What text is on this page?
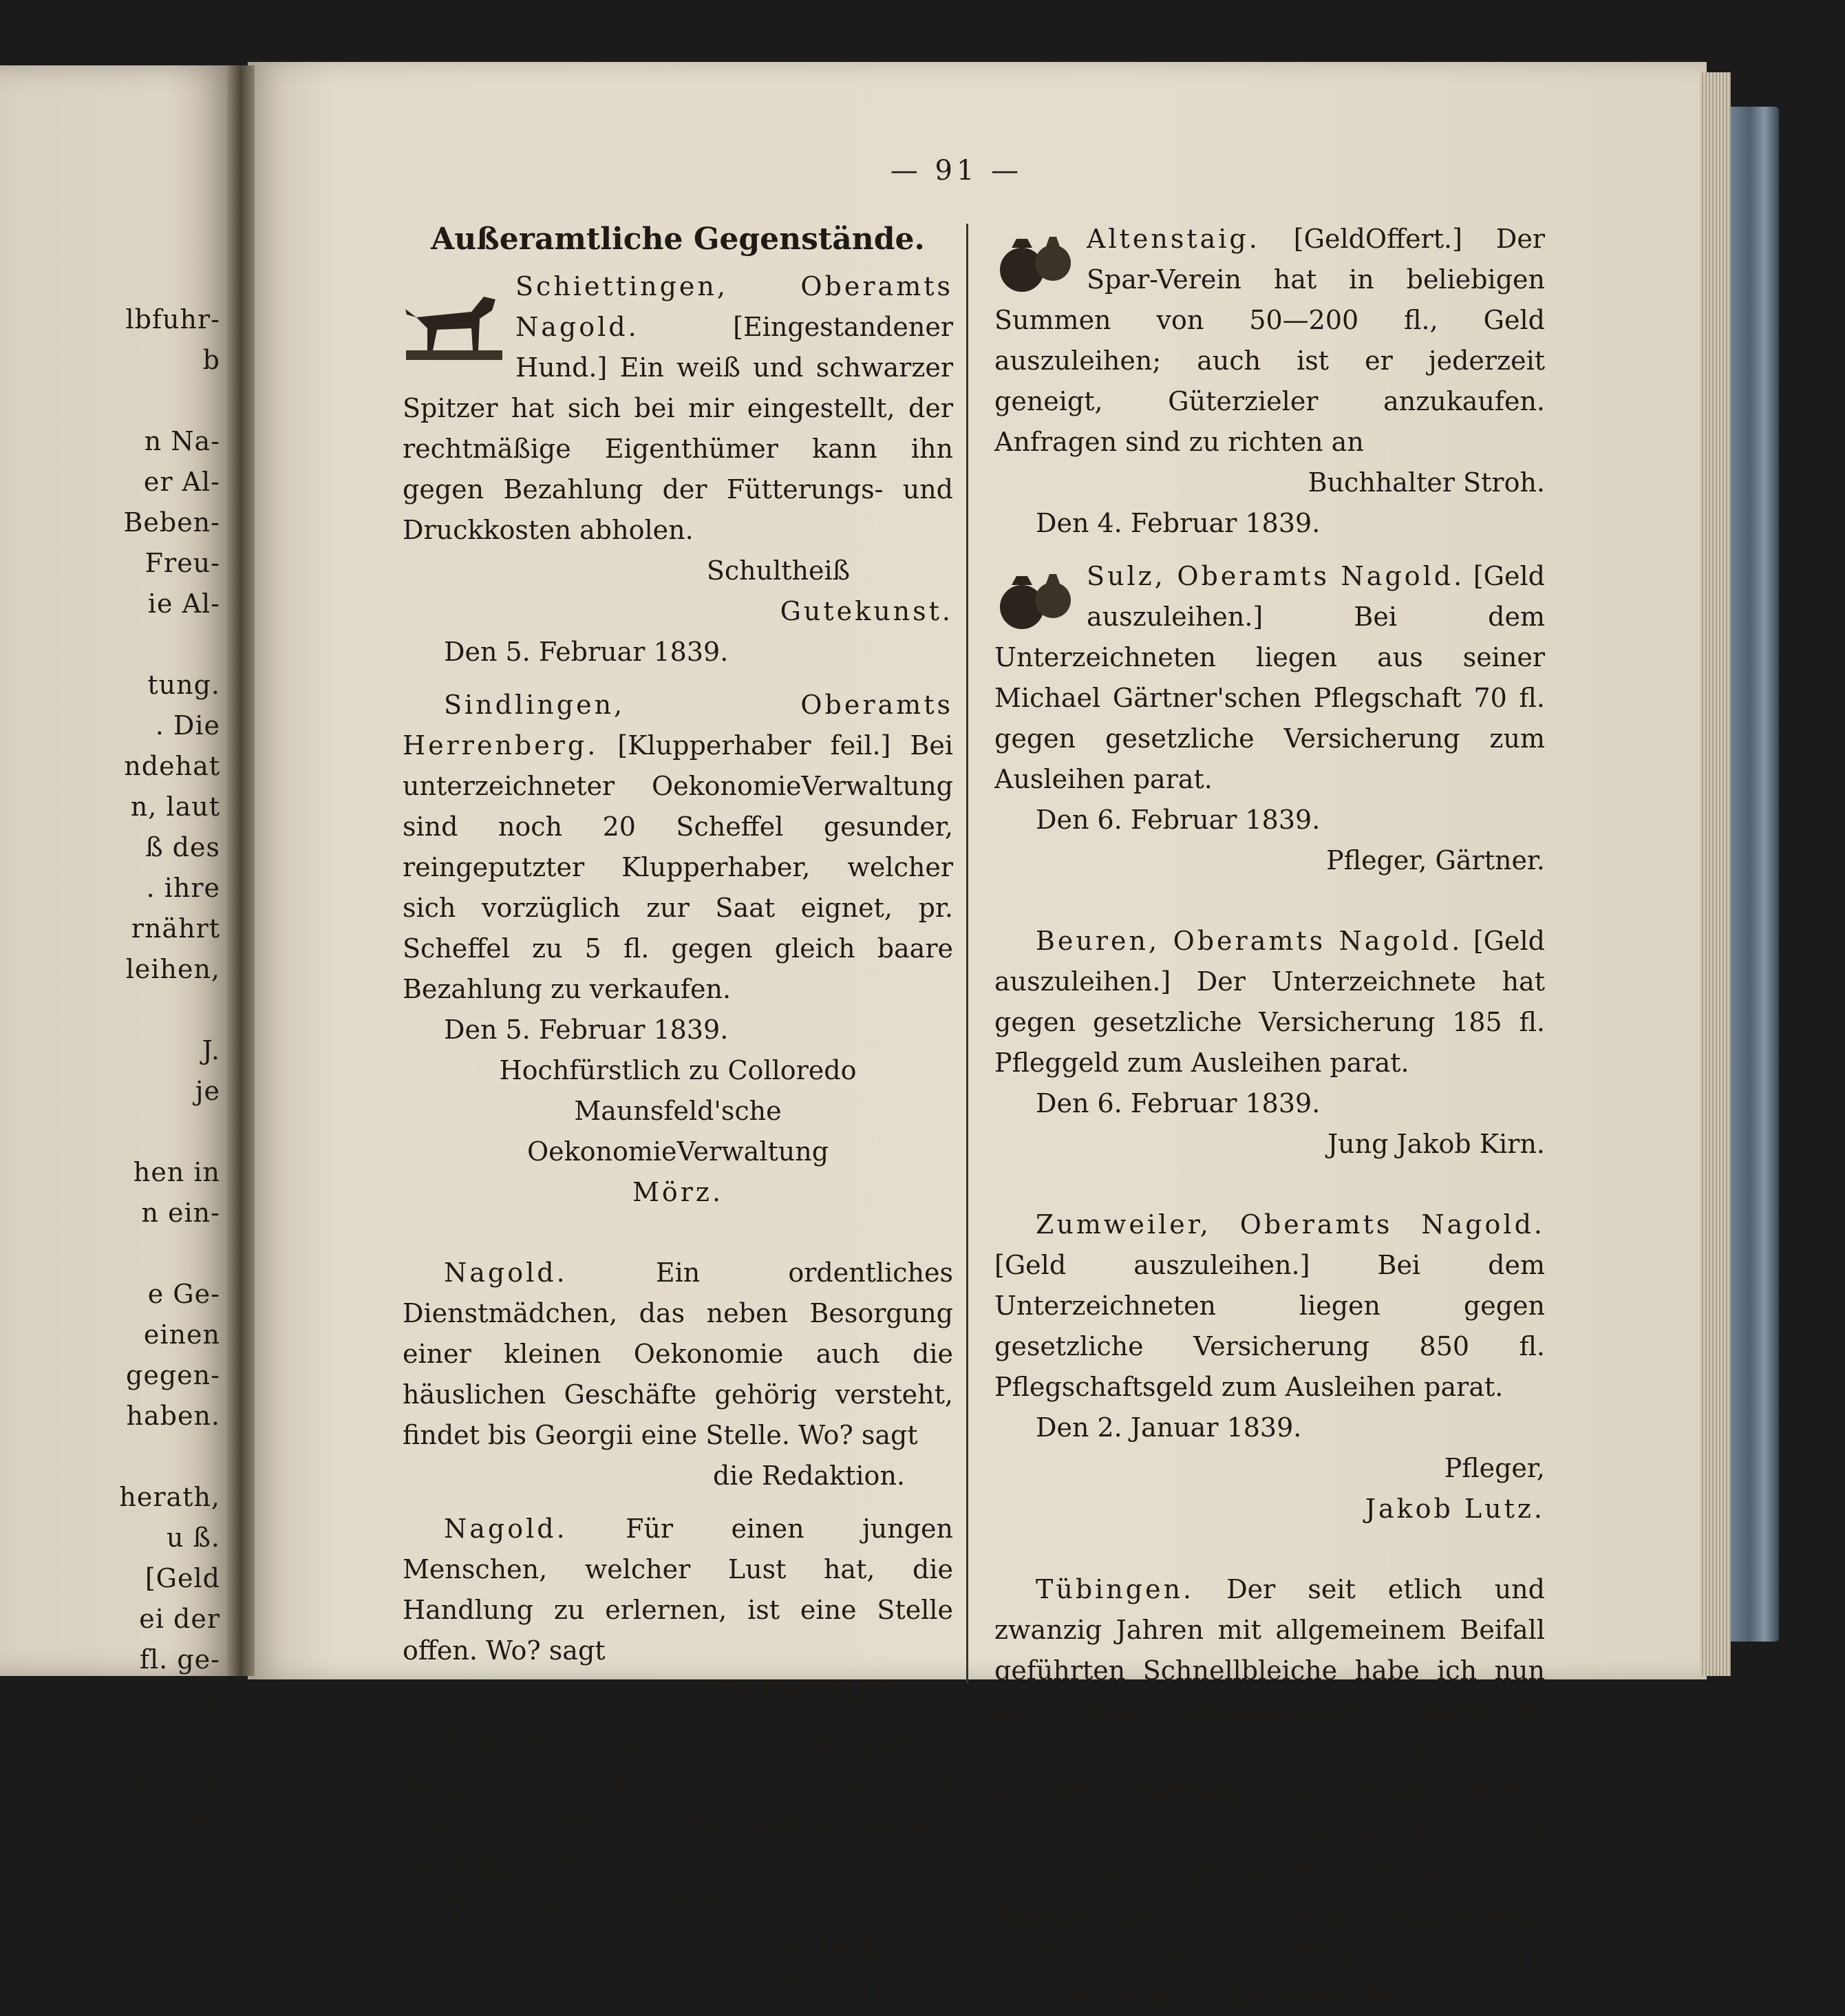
lbfuhr-
b
n Na-
er Al-
Beben-
Freu-
ie Al-
tung.
. Die
ndehat
n, laut
ß des
. ihre
rnährt
leihen,
J.
je
hen in
n ein-
e Ge-
einen
gegen-
haben.
herath,
u ß.
[Geld
ei der
fl. ge-
zum
fleger
er.
— 91 —
Außeramtliche Gegenstände.

Schiettingen, Oberamts Nagold.	[Eingestandener Hund.] Ein weiß und schwarzer Spitzer hat sich bei mir eingestellt, der rechtmäßige Eigenthümer kann ihn gegen Bezahlung der Fütterungs- und Druckkosten abholen.

Schultheiß

Gutekunst.

Den 5. Februar 1839.

Sindlingen, Oberamts Herrenberg. [Klupperhaber feil.] Bei unterzeichneter OekonomieVerwaltung sind noch 20 Scheffel gesunder, reingeputzter Klupperhaber, welcher sich vorzüglich zur Saat eignet, pr. Scheffel zu 5 fl. gegen gleich baare Bezahlung zu verkaufen.

Den 5. Februar 1839.

Hochfürstlich zu Colloredo

Maunsfeld'sche

OekonomieVerwaltung

Mörz.

Nagold.	Ein ordentliches Dienstmädchen, das neben Besorgung einer kleinen Oekonomie auch die häuslichen Geschäfte gehörig versteht, findet bis Georgii eine Stelle. Wo? sagt

die Redaktion.

Nagold. Für einen jungen Menschen, welcher Lust hat, die Handlung zu erlernen, ist eine Stelle offen. Wo? sagt

die Redaktion.

Schiettingen, Oberamts Nagold. Der Unterzeichnete verkauft einen 2½jährigen gelbgeblaßten Farren um billigen Preis.

Den 6. Februar 1839.

Schultheiß

Gutekunst.

Altenstaig. [GeldOffert.] Der Spar-Verein hat in beliebigen Summen von 50—200 fl., Geld auszuleihen; auch ist er jederzeit geneigt, Güterzieler anzukaufen. Anfragen sind zu richten an

Buchhalter Stroh.

Den 4. Februar 1839.

Sulz, Oberamts Nagold. [Geld auszuleihen.] Bei dem Unterzeichneten liegen aus seiner Michael Gärtner'schen Pflegschaft 70 fl. gegen gesetzliche Versicherung zum Ausleihen parat.

Den 6. Februar 1839.

Pfleger, Gärtner.

Beuren, Oberamts Nagold. [Geld auszuleihen.] Der Unterzeichnete hat gegen gesetzliche Versicherung 185 fl. Pfleggeld zum Ausleihen parat.

Den 6. Februar 1839.

Jung Jakob Kirn.

Zumweiler, Oberamts Nagold. [Geld auszuleihen.] Bei dem Unterzeichneten liegen gegen gesetzliche Versicherung 850 fl. Pflegschaftsgeld zum Ausleihen parat.

Den 2. Januar 1839.

Pfleger,

Jakob Lutz.

Tübingen. Der seit etlich und zwanzig Jahren mit allgemeinem Beifall geführten Schnellbleiche habe ich nun auch eine Leinwandbleiche beigefügt, welche ich, wann es die Witterung erlaubt, eröffnen, und erstere damit fortsetzen werde, wozu ich mir zahlreichen Zuspruch erbitte, und dagegen die Versicherung geben, sowohl in baumwollenen Stoffen, leinen Garn und Faden, als in Leinwand bei
